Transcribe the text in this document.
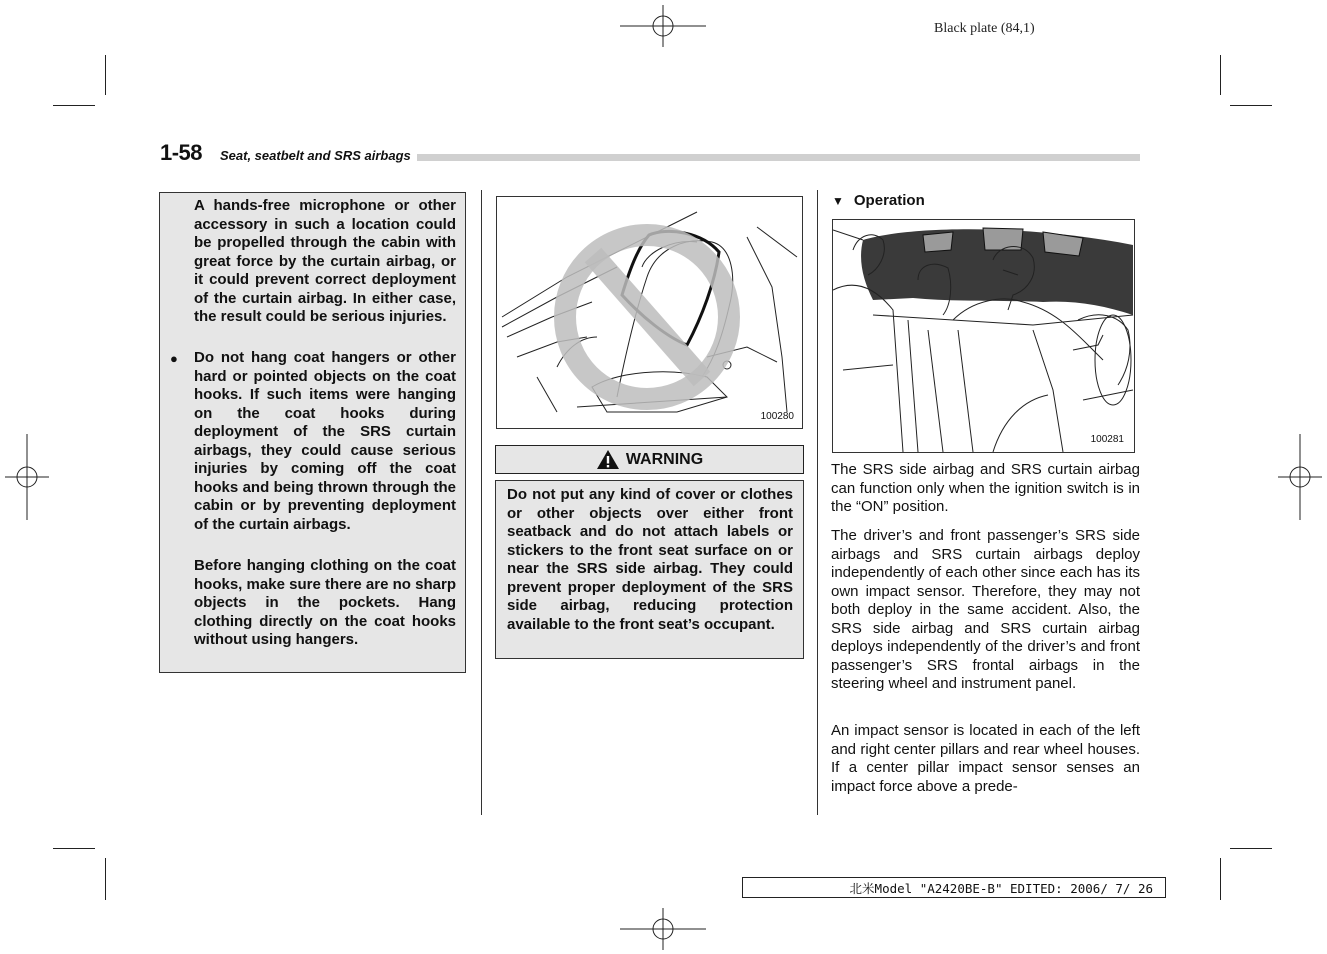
Black plate (84,1)
1-58	Seat, seatbelt and SRS airbags
A hands-free microphone or other accessory in such a location could be propelled through the cabin with great force by the curtain airbag, or it could prevent correct deployment of the curtain airbag. In either case, the result could be serious injuries.
● Do not hang coat hangers or other hard or pointed objects on the coat hooks. If such items were hanging on the coat hooks during deployment of the SRS curtain airbags, they could cause serious injuries by coming off the coat hooks and being thrown through the cabin or by preventing deployment of the curtain airbags.
Before hanging clothing on the coat hooks, make sure there are no sharp objects in the pockets. Hang clothing directly on the coat hooks without using hangers.
100280
WARNING
Do not put any kind of cover or clothes or other objects over either front seatback and do not attach labels or stickers to the front seat surface on or near the SRS side airbag. They could prevent proper deployment of the SRS side airbag, reducing protection available to the front seat’s occupant.
▼ Operation
100281
The SRS side airbag and SRS curtain airbag can function only when the ignition switch is in the “ON” position.
The driver’s and front passenger’s SRS side airbags and SRS curtain airbags deploy independently of each other since each has its own impact sensor. Therefore, they may not both deploy in the same accident. Also, the SRS side airbag and SRS curtain airbag deploys independently of the driver’s and front passenger’s SRS frontal airbags in the steering wheel and instrument panel.
An impact sensor is located in each of the left and right center pillars and rear wheel houses. If a center pillar impact sensor senses an impact force above a prede-
北米Model "A2420BE-B" EDITED: 2006/ 7/ 26
